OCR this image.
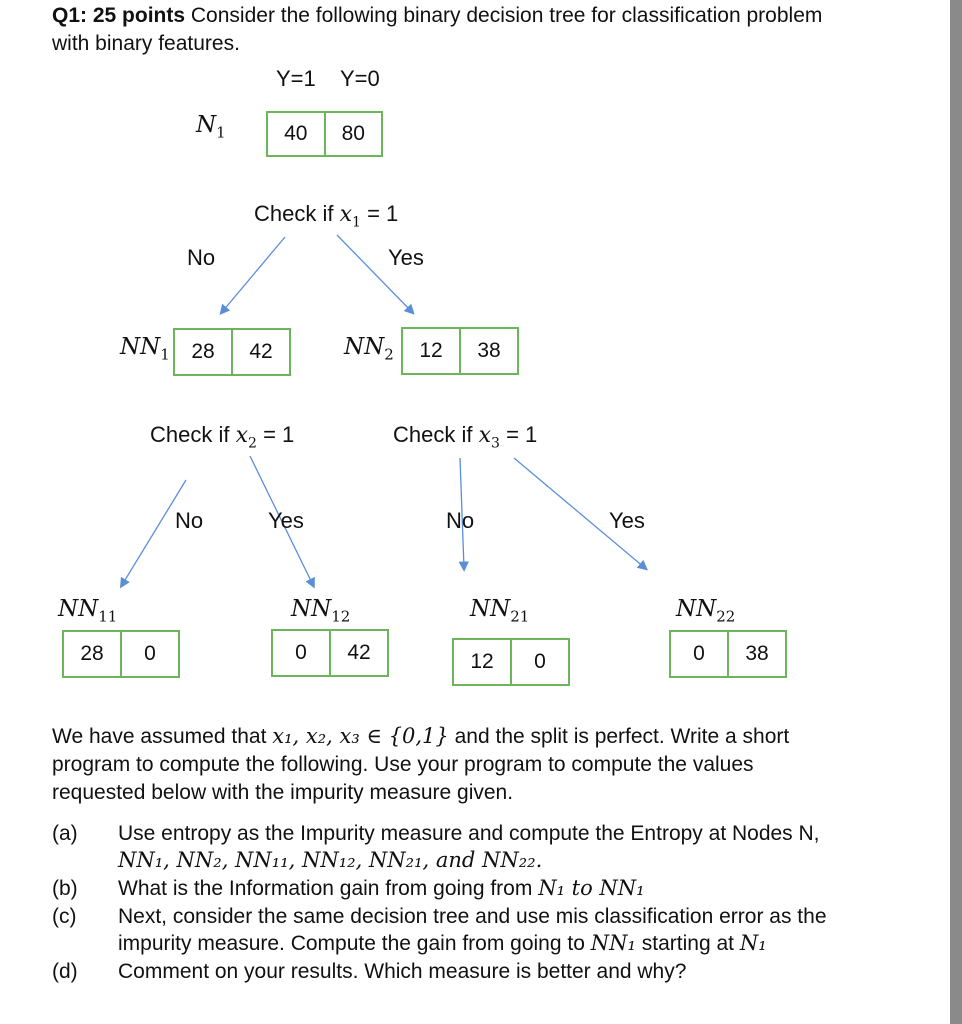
Q1: 25 points Consider the following binary decision tree for classification problem with binary features.
Y=1 Y=0
$N_1$	40	80
Check if $x_1 = 1$
No	Yes
$NN_1$	28	42	$NN_2$	12	38
Check if $x_2 = 1$	Check if $x_3 = 1$
No	Yes	No	Yes
$NN_{11}$
28	0
$NN_{12}$
0	42
$NN_{21}$
12	0
$NN_{22}$
0	38
We have assumed that x₁, x₂, x₃ ∈ {0,1} and the split is perfect. Write a short program to compute the following. Use your program to compute the values requested below with the impurity measure given.
(a)	Use entropy as the Impurity measure and compute the Entropy at Nodes N, NN₁, NN₂, NN₁₁, NN₁₂, NN₂₁, and NN₂₂.
(b)	What is the Information gain from going from N₁ to NN₁
(c)	Next, consider the same decision tree and use mis classification error as the impurity measure. Compute the gain from going to NN₁ starting at N₁
(d)	Comment on your results. Which measure is better and why?
